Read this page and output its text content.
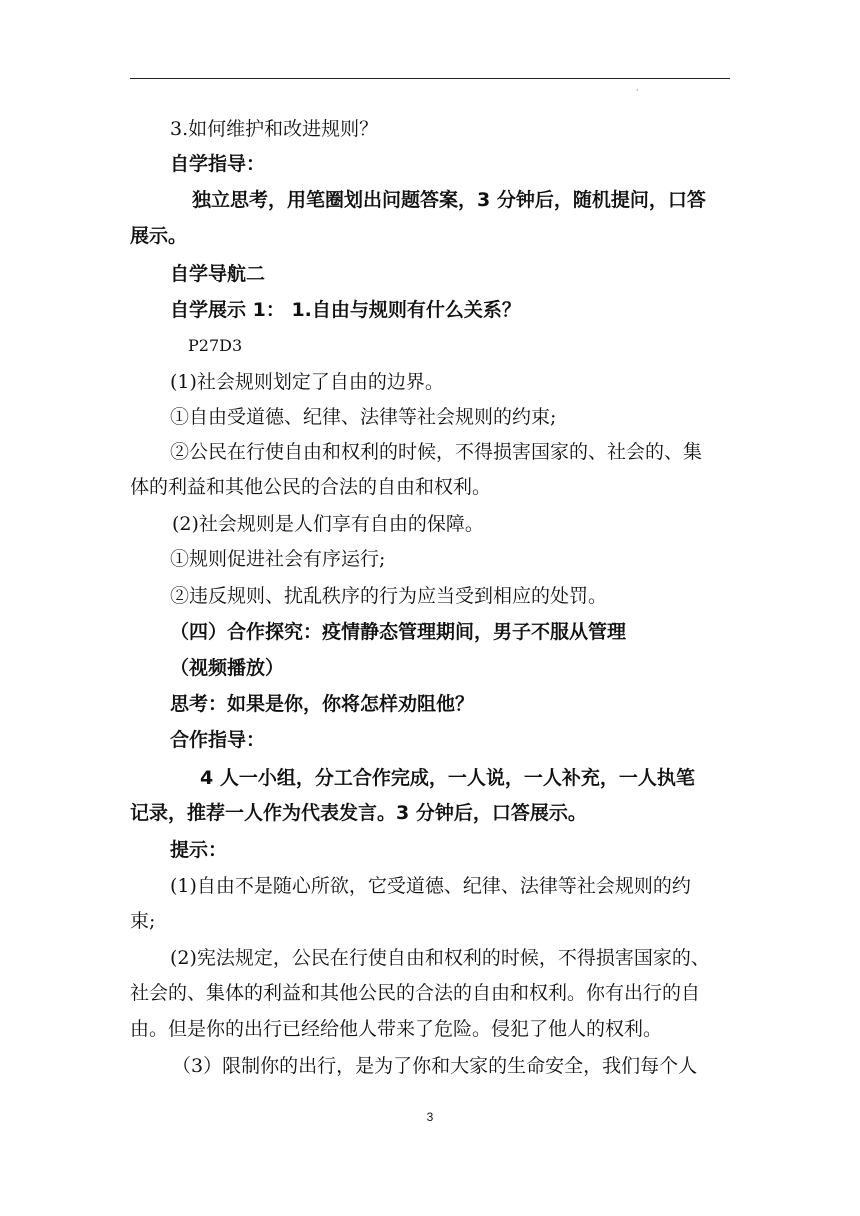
·
3.如何维护和改进规则？
自学指导：
独立思考，用笔圈划出问题答案，3 分钟后，随机提问，口答
展示。
自学导航二
自学展示 1： 1.自由与规则有什么关系？
P27D3
(1)社会规则划定了自由的边界。
①自由受道德、纪律、法律等社会规则的约束;
②公民在行使自由和权利的时候，不得损害国家的、社会的、集
体的利益和其他公民的合法的自由和权利。
(2)社会规则是人们享有自由的保障。
①规则促进社会有序运行;
②违反规则、扰乱秩序的行为应当受到相应的处罚。
（四）合作探究：疫情静态管理期间，男子不服从管理
（视频播放）
思考：如果是你，你将怎样劝阻他？
合作指导：
4 人一小组，分工合作完成，一人说，一人补充，一人执笔
记录，推荐一人作为代表发言。3 分钟后，口答展示。
提示：
(1)自由不是随心所欲，它受道德、纪律、法律等社会规则的约
束;
(2)宪法规定，公民在行使自由和权利的时候，不得损害国家的、
社会的、集体的利益和其他公民的合法的自由和权利。你有出行的自
由。但是你的出行已经给他人带来了危险。侵犯了他人的权利。
（3）限制你的出行，是为了你和大家的生命安全，我们每个人
3
